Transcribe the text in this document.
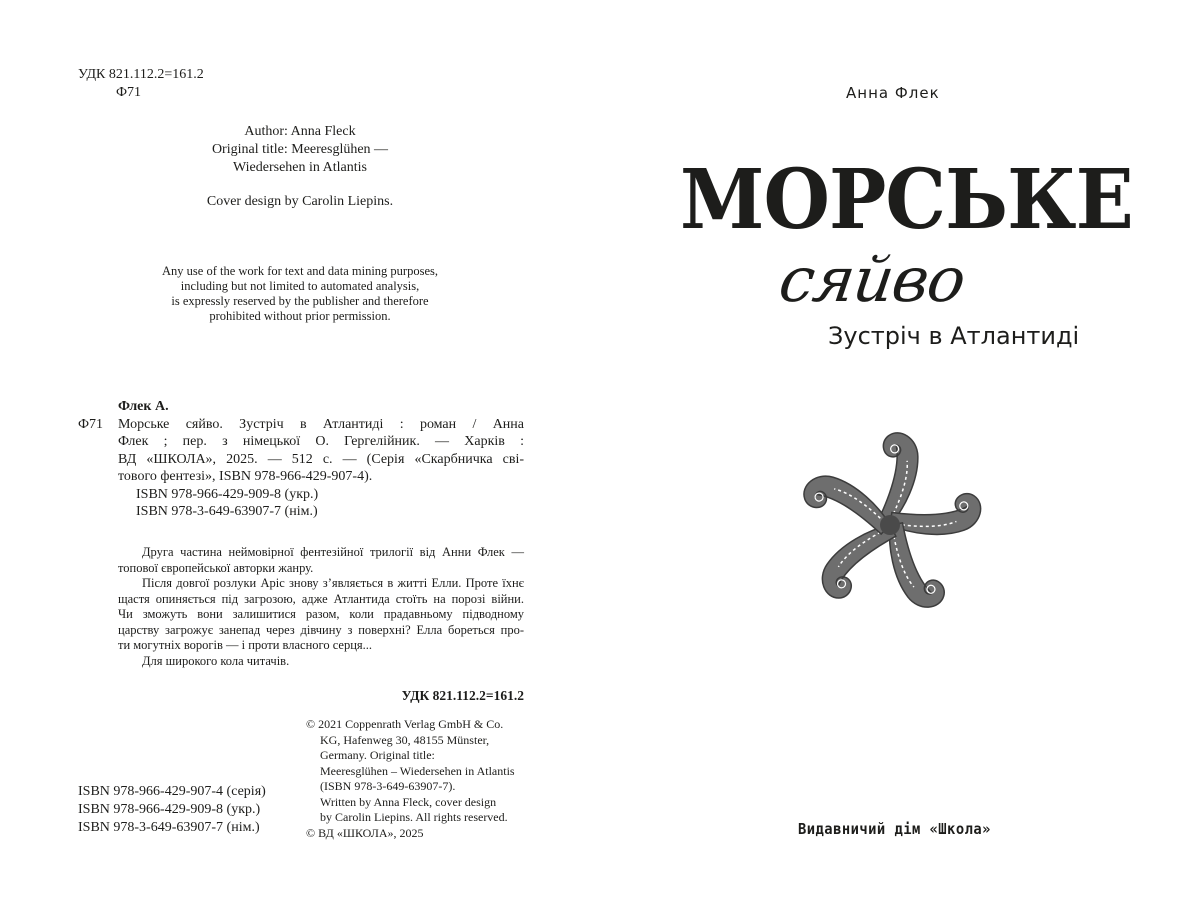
УДК 821.112.2=161.2
Ф71
Author: Anna Fleck
Original title: Meeresglühen —
Wiedersehen in Atlantis
Cover design by Carolin Liepins.
Any use of the work for text and data mining purposes,
including but not limited to automated analysis,
is expressly reserved by the publisher and therefore
prohibited without prior permission.
Флек А.
Ф71	Морське сяйво. Зустріч в Атлантиді : роман / Анна
Флек ; пер. з німецької О. Гергелійник. — Харків :
ВД «ШКОЛА», 2025. — 512 с. — (Серія «Скарбничка сві-
тового фентезі», ISBN 978-966-429-907-4).
ISBN 978-966-429-909-8 (укр.)
ISBN 978-3-649-63907-7 (нім.)
Друга частина неймовірної фентезійної трилогії від Анни Флек —
топової європейської авторки жанру.
Після довгої розлуки Аріс знову з’являється в житті Елли. Проте їхнє
щастя опиняється під загрозою, адже Атлантида стоїть на порозі війни.
Чи зможуть вони залишитися разом, коли прадавньому підводному
царству загрожує занепад через дівчину з поверхні? Елла бореться про-
ти могутніх ворогів — і проти власного серця...
Для широкого кола читачів.
УДК 821.112.2=161.2
© 2021 Coppenrath Verlag GmbH & Co.
KG, Hafenweg 30, 48155 Münster,
Germany. Original title:
Meeresglühen – Wiedersehen in Atlantis
(ISBN 978-3-649-63907-7).
Written by Anna Fleck, cover design
by Carolin Liepins. All rights reserved.
© ВД «ШКОЛА», 2025
ISBN 978-966-429-907-4 (серія)
ISBN 978-966-429-909-8 (укр.)
ISBN 978-3-649-63907-7 (нім.)
Анна Флек
МОРСЬКЕ
сяйво
Зустріч в Атлантиді
Видавничий дім «Школа»
